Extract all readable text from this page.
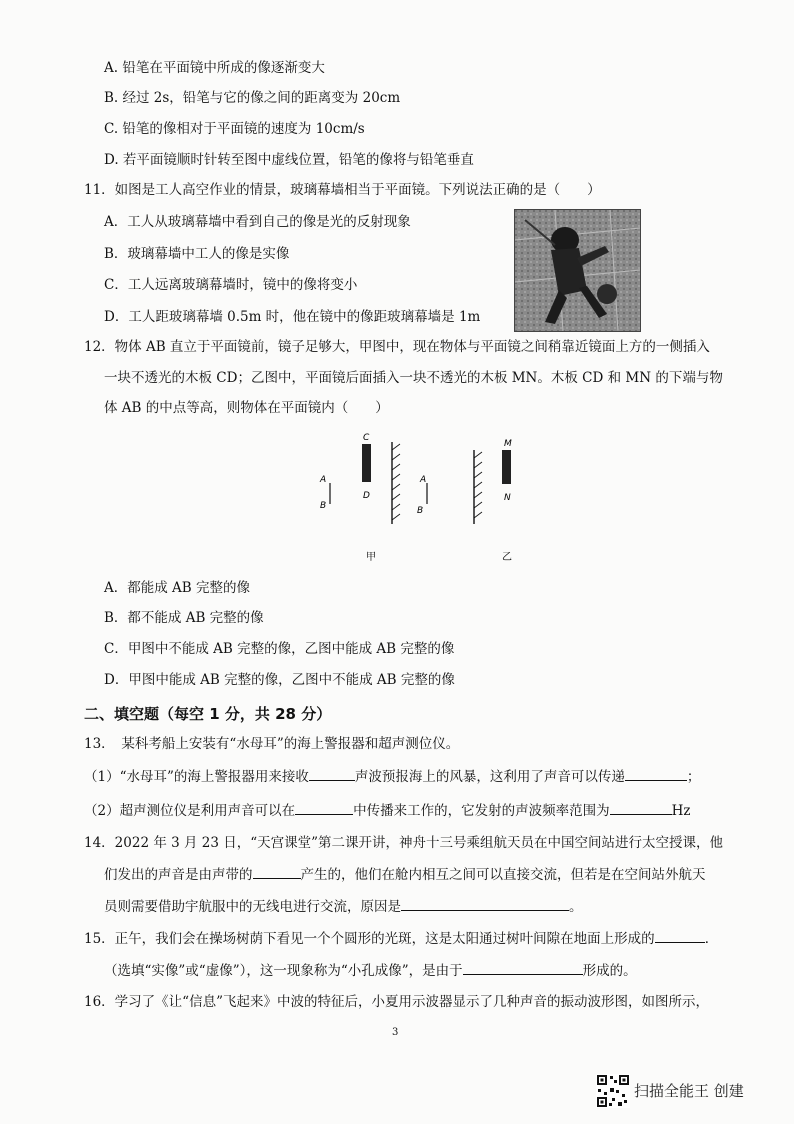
A. 铅笔在平面镜中所成的像逐渐变大
B. 经过 2s，铅笔与它的像之间的距离变为 20cm
C. 铅笔的像相对于平面镜的速度为 10cm/s
D. 若平面镜顺时针转至图中虚线位置，铅笔的像将与铅笔垂直
11．如图是工人高空作业的情景，玻璃幕墙相当于平面镜。下列说法正确的是（　　）
A．工人从玻璃幕墙中看到自己的像是光的反射现象
B．玻璃幕墙中工人的像是实像
C．工人远离玻璃幕墙时，镜中的像将变小
D．工人距玻璃幕墙 0.5m 时，他在镜中的像距玻璃幕墙是 1m
12．物体 AB 直立于平面镜前，镜子足够大，甲图中，现在物体与平面镜之间稍靠近镜面上方的一侧插入
一块不透光的木板 CD；乙图中，平面镜后面插入一块不透光的木板 MN。木板 CD 和 MN 的下端与物
体 AB 的中点等高，则物体在平面镜内（　　）
A
B
C
D
A
B
M
N
甲	乙
A．都能成 AB 完整的像
B．都不能成 AB 完整的像
C．甲图中不能成 AB 完整的像，乙图中能成 AB 完整的像
D．甲图中能成 AB 完整的像，乙图中不能成 AB 完整的像
二、填空题（每空 1 分，共 28 分）
13．　某科考船上安装有“水母耳”的海上警报器和超声测位仪。
（1）“水母耳”的海上警报器用来接收	声波预报海上的风暴，这利用了声音可以传递	；
（2）超声测位仪是利用声音可以在	中传播来工作的，它发射的声波频率范围为	Hz
14．2022 年 3 月 23 日，“天宫课堂”第二课开讲，神舟十三号乘组航天员在中国空间站进行太空授课，他
们发出的声音是由声带的	产生的，他们在舱内相互之间可以直接交流，但若是在空间站外航天
员则需要借助宇航服中的无线电进行交流，原因是	。
15．正午，我们会在操场树荫下看见一个个圆形的光斑，这是太阳通过树叶间隙在地面上形成的	．
（选填“实像”或“虚像”），这一现象称为“小孔成像”，是由于	形成的。
16．学习了《让“信息”飞起来》中波的特征后，小夏用示波器显示了几种声音的振动波形图，如图所示，
3
扫描全能王 创建
